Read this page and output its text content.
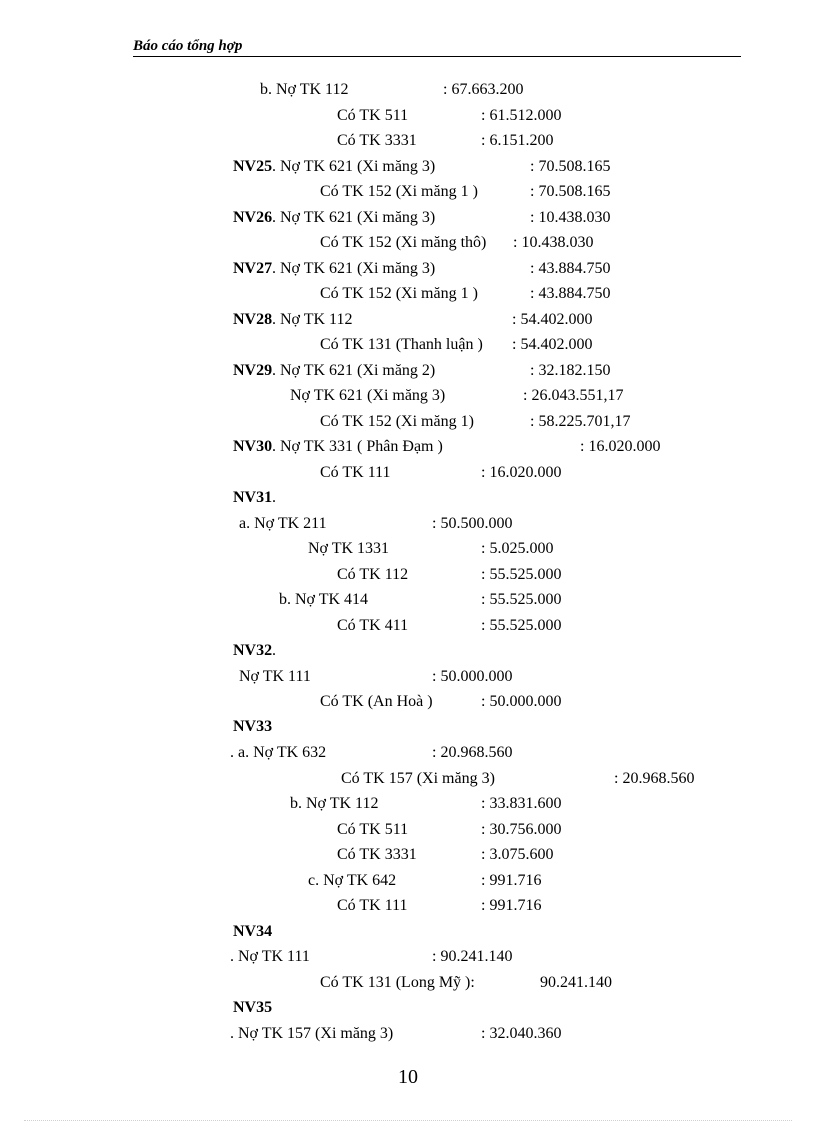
Báo cáo tổng hợp
b. Nợ TK 112	: 67.663.200
Có TK 511	: 61.512.000
Có TK 3331	: 6.151.200
NV25 . Nợ TK 621 (Xi măng 3)	: 70.508.165
Có TK 152 (Xi măng 1 )	: 70.508.165
NV26 . Nợ TK 621 (Xi măng 3)	: 10.438.030
Có TK 152 (Xi măng thô) : 10.438.030
NV27 . Nợ TK 621 (Xi măng 3)	: 43.884.750
Có TK 152 (Xi măng 1 )	: 43.884.750
NV28 . Nợ TK 112	: 54.402.000
Có TK 131 (Thanh luận ) : 54.402.000
NV29 . Nợ TK 621 (Xi măng 2)	: 32.182.150
Nợ TK 621 (Xi măng 3)	: 26.043.551,17
Có TK 152 (Xi măng 1)	: 58.225.701,17
NV30 . Nợ TK 331 ( Phân Đạm )	: 16.020.000
Có TK 111	: 16.020.000
NV31 .
a. Nợ TK 211	: 50.500.000
Nợ TK 1331	: 5.025.000
Có TK 112	: 55.525.000
b. Nợ TK 414	: 55.525.000
Có TK 411	: 55.525.000
NV32 .
Nợ TK 111	: 50.000.000
Có TK (An Hoà )	: 50.000.000
NV33
. a. Nợ TK 632	: 20.968.560
Có TK 157 (Xi măng 3)	: 20.968.560
b. Nợ TK 112	: 33.831.600
Có TK 511	: 30.756.000
Có TK 3331	: 3.075.600
c. Nợ TK 642	: 991.716
Có TK 111	: 991.716
NV34
. Nợ TK 111	: 90.241.140
Có TK 131 (Long Mỹ ):	90.241.140
NV35
. Nợ TK 157 (Xi măng 3)	: 32.040.360
10
